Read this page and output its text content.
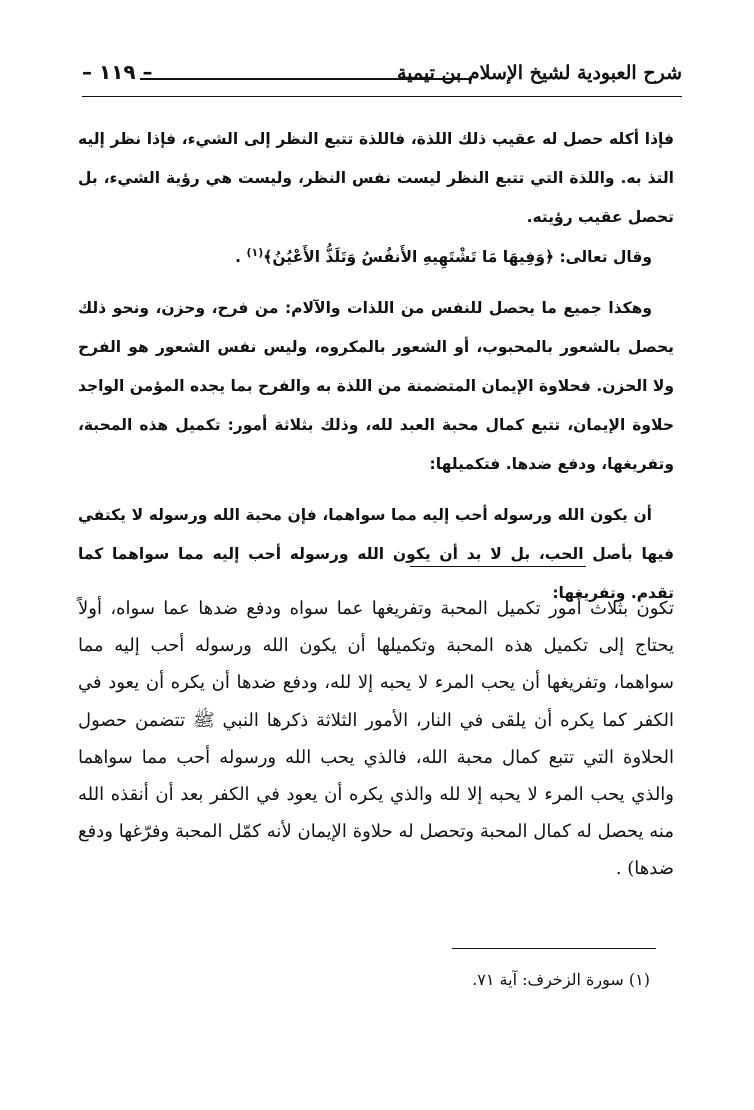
شرح العبودية لشيخ الإسلام بن تيمية
– ١١٩ –

فإذا أكله حصل له عقيب ذلك اللذة، فاللذة تتبع النظر إلى الشيء، فإذا نظر إليه التذ به. واللذة التي تتبع النظر ليست نفس النظر، وليست هي رؤية الشيء، بل تحصل عقيب رؤيته.

وقال تعالى: ﴿وَفِيهَا مَا تَشْتَهِيهِ الأَنفُسُ وَتَلَذُّ الأَعْيُنُ﴾$^{(١)}$ .

وهكذا جميع ما يحصل للنفس من اللذات والآلام: من فرح، وحزن، ونحو ذلك يحصل بالشعور بالمحبوب، أو الشعور بالمكروه، وليس نفس الشعور هو الفرح ولا الحزن. فحلاوة الإيمان المتضمنة من اللذة به والفرح بما يجده المؤمن الواجد حلاوة الإيمان، تتبع كمال محبة العبد لله، وذلك بثلاثة أمور: تكميل هذه المحبة، وتفريغها، ودفع ضدها. فتكميلها:

أن يكون الله ورسوله أحب إليه مما سواهما، فإن محبة الله ورسوله لا يكتفي فيها بأصل الحب، بل لا بد أن يكون الله ورسوله أحب إليه مما سواهما كما تقدم. وتفريغها:

تكون بثلاث أمور تكميل المحبة وتفريغها عما سواه ودفع ضدها عما سواه، أولاً يحتاج إلى تكميل هذه المحبة وتكميلها أن يكون الله ورسوله أحب إليه مما سواهما، وتفريغها أن يحب المرء لا يحبه إلا لله، ودفع ضدها أن يكره أن يعود في الكفر كما يكره أن يلقى في النار، الأمور الثلاثة ذكرها النبي ﷺ تتضمن حصول الحلاوة التي تتبع كمال محبة الله، فالذي يحب الله ورسوله أحب مما سواهما والذي يحب المرء لا يحبه إلا لله والذي يكره أن يعود في الكفر بعد أن أنقذه الله منه يحصل له كمال المحبة وتحصل له حلاوة الإيمان لأنه كمّل المحبة وفرّغها ودفع ضدها) .

(١) سورة الزخرف: آية ٧١.
